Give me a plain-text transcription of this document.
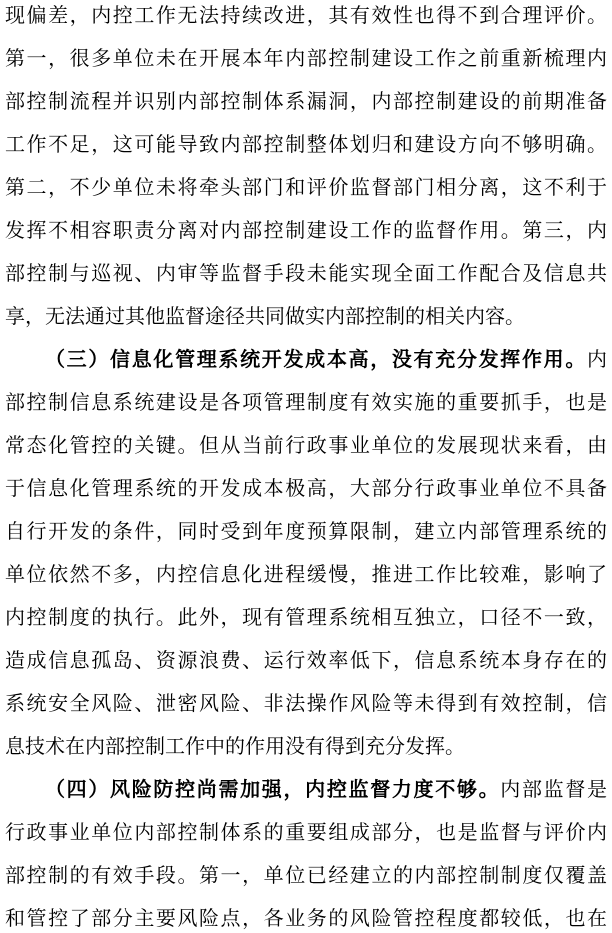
现偏差，内控工作无法持续改进，其有效性也得不到合理评价。
第一，很多单位未在开展本年内部控制建设工作之前重新梳理内
部控制流程并识别内部控制体系漏洞，内部控制建设的前期准备
工作不足，这可能导致内部控制整体划归和建设方向不够明确。
第二，不少单位未将牵头部门和评价监督部门相分离，这不利于
发挥不相容职责分离对内部控制建设工作的监督作用。第三，内
部控制与巡视、内审等监督手段未能实现全面工作配合及信息共
享，无法通过其他监督途径共同做实内部控制的相关内容。
（三）信息化管理系统开发成本高，没有充分发挥作用。内
部控制信息系统建设是各项管理制度有效实施的重要抓手，也是
常态化管控的关键。但从当前行政事业单位的发展现状来看，由
于信息化管理系统的开发成本极高，大部分行政事业单位不具备
自行开发的条件，同时受到年度预算限制，建立内部管理系统的
单位依然不多，内控信息化进程缓慢，推进工作比较难，影响了
内控制度的执行。此外，现有管理系统相互独立，口径不一致，
造成信息孤岛、资源浪费、运行效率低下，信息系统本身存在的
系统安全风险、泄密风险、非法操作风险等未得到有效控制，信
息技术在内部控制工作中的作用没有得到充分发挥。
（四）风险防控尚需加强，内控监督力度不够。内部监督是
行政事业单位内部控制体系的重要组成部分，也是监督与评价内
部控制的有效手段。第一，单位已经建立的内部控制制度仅覆盖
和管控了部分主要风险点，各业务的风险管控程度都较低，也在
